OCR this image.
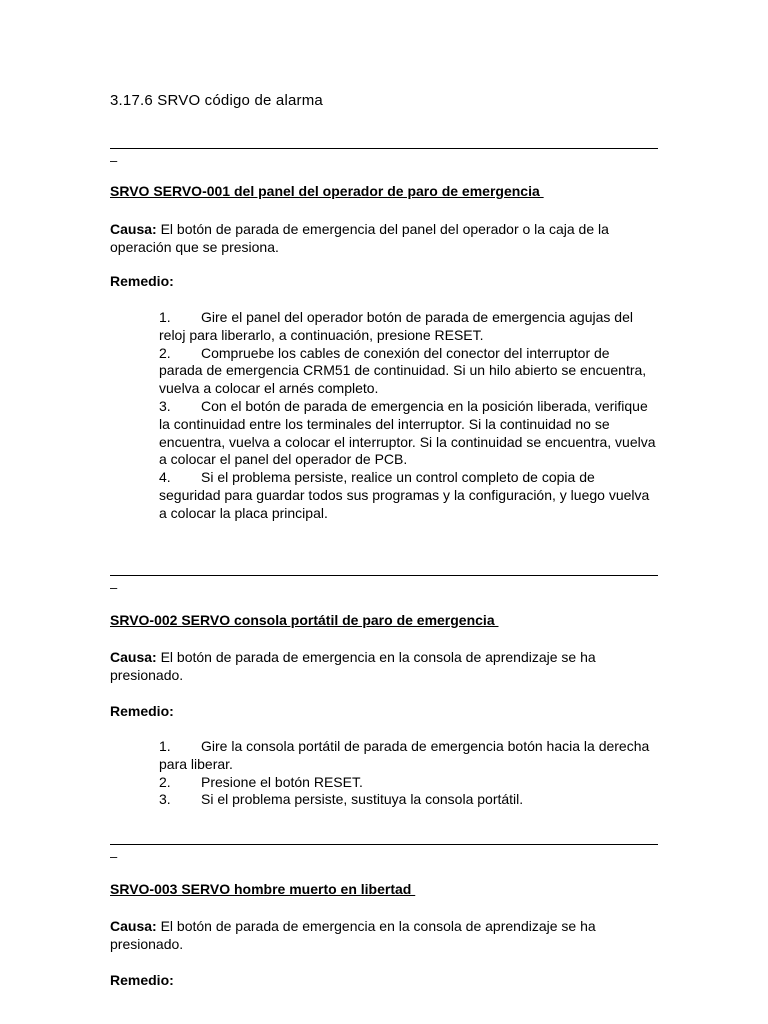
3.17.6 SRVO código de alarma
–
SRVO SERVO-001 del panel del operador de paro de emergencia
Causa: El botón de parada de emergencia del panel del operador o la caja de la operación que se presiona.
Remedio:
1. Gire el panel del operador botón de parada de emergencia agujas del reloj para liberarlo, a continuación, presione RESET.
2. Compruebe los cables de conexión del conector del interruptor de parada de emergencia CRM51 de continuidad. Si un hilo abierto se encuentra, vuelva a colocar el arnés completo.
3. Con el botón de parada de emergencia en la posición liberada, verifique la continuidad entre los terminales del interruptor. Si la continuidad no se encuentra, vuelva a colocar el interruptor. Si la continuidad se encuentra, vuelva a colocar el panel del operador de PCB.
4. Si el problema persiste, realice un control completo de copia de seguridad para guardar todos sus programas y la configuración, y luego vuelva a colocar la placa principal.
–
SRVO-002 SERVO consola portátil de paro de emergencia
Causa: El botón de parada de emergencia en la consola de aprendizaje se ha presionado.
Remedio:
1. Gire la consola portátil de parada de emergencia botón hacia la derecha para liberar.
2. Presione el botón RESET.
3. Si el problema persiste, sustituya la consola portátil.
–
SRVO-003 SERVO hombre muerto en libertad
Causa: El botón de parada de emergencia en la consola de aprendizaje se ha presionado.
Remedio:
